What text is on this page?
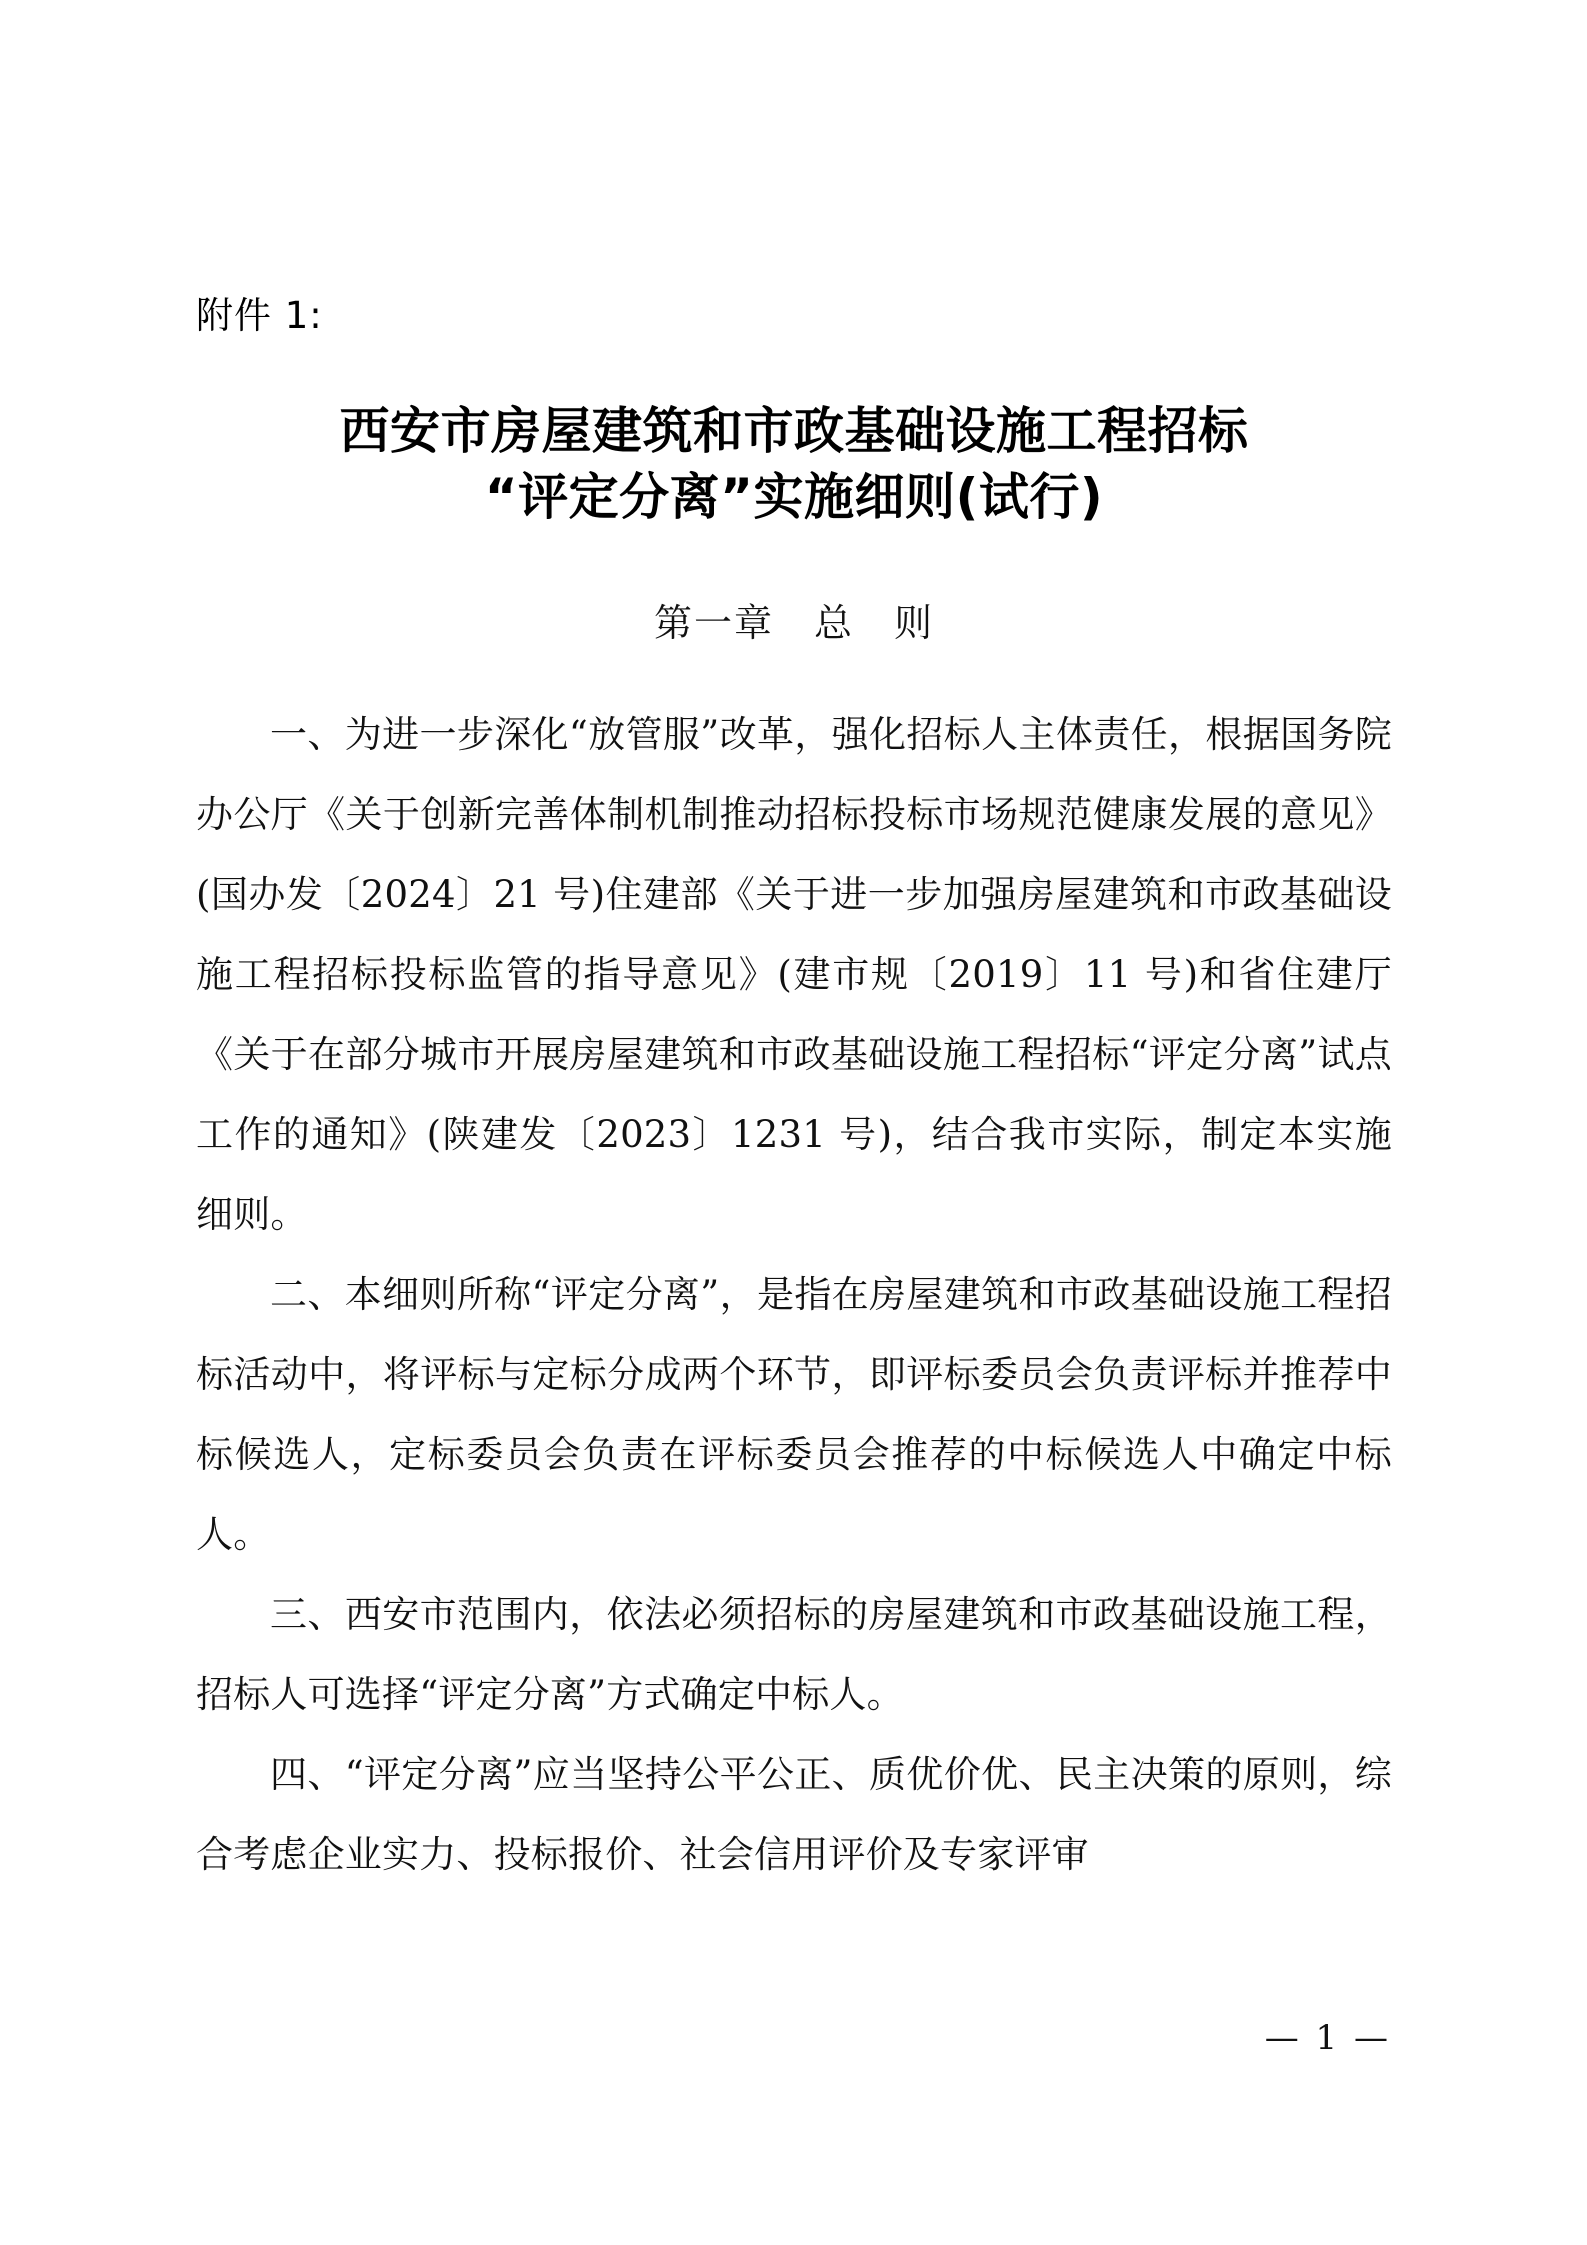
附件 1:
西安市房屋建筑和市政基础设施工程招标
“评定分离”实施细则(试行)
第一章　总　则

一、为进一步深化“放管服”改革，强化招标人主体责任，根据国务院办公厅《关于创新完善体制机制推动招标投标市场规范健康发展的意见》(国办发〔2024〕21 号)住建部《关于进一步加强房屋建筑和市政基础设施工程招标投标监管的指导意见》(建市规〔2019〕11 号)和省住建厅《关于在部分城市开展房屋建筑和市政基础设施工程招标“评定分离”试点工作的通知》(陕建发〔2023〕1231 号)，结合我市实际，制定本实施细则。

二、本细则所称“评定分离”，是指在房屋建筑和市政基础设施工程招标活动中，将评标与定标分成两个环节，即评标委员会负责评标并推荐中标候选人，定标委员会负责在评标委员会推荐的中标候选人中确定中标人。

三、西安市范围内，依法必须招标的房屋建筑和市政基础设施工程，招标人可选择“评定分离”方式确定中标人。

四、“评定分离”应当坚持公平公正、质优价优、民主决策的原则，综合考虑企业实力、投标报价、社会信用评价及专家评审

— 1 —
